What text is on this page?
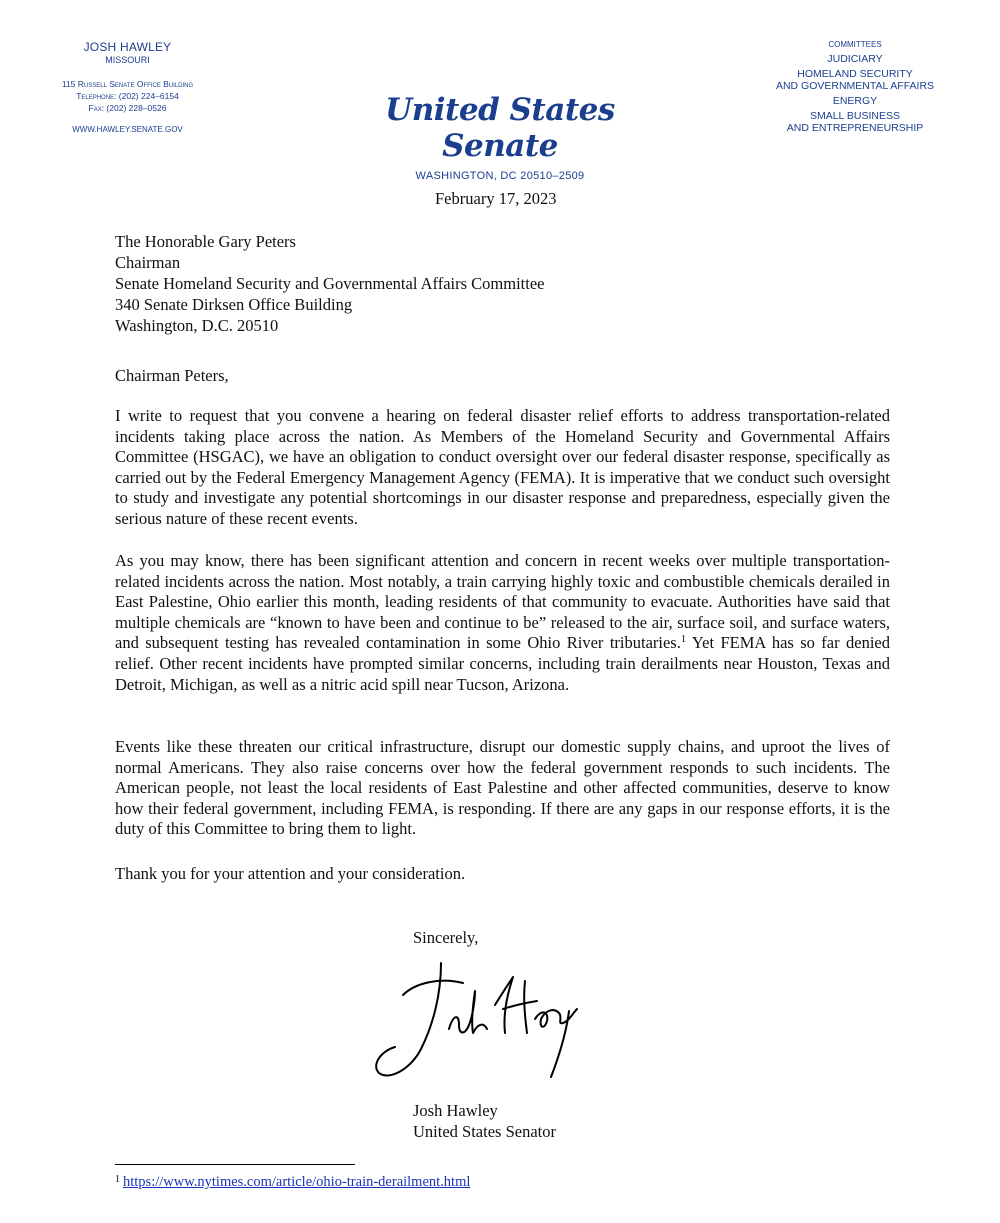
JOSH HAWLEY
MISSOURI
115 Russell Senate Office Building
Telephone: (202) 224–6154
Fax: (202) 228–0526
WWW.HAWLEY.SENATE.GOV
United States Senate
WASHINGTON, DC 20510–2509
COMMITTEES
JUDICIARY
HOMELAND SECURITY
AND GOVERNMENTAL AFFAIRS
ENERGY
SMALL BUSINESS
AND ENTREPRENEURSHIP
February 17, 2023
The Honorable Gary Peters
Chairman
Senate Homeland Security and Governmental Affairs Committee
340 Senate Dirksen Office Building
Washington, D.C. 20510
Chairman Peters,
I write to request that you convene a hearing on federal disaster relief efforts to address transportation-related incidents taking place across the nation. As Members of the Homeland Security and Governmental Affairs Committee (HSGAC), we have an obligation to conduct oversight over our federal disaster response, specifically as carried out by the Federal Emergency Management Agency (FEMA). It is imperative that we conduct such oversight to study and investigate any potential shortcomings in our disaster response and preparedness, especially given the serious nature of these recent events.
As you may know, there has been significant attention and concern in recent weeks over multiple transportation-related incidents across the nation. Most notably, a train carrying highly toxic and combustible chemicals derailed in East Palestine, Ohio earlier this month, leading residents of that community to evacuate. Authorities have said that multiple chemicals are “known to have been and continue to be” released to the air, surface soil, and surface waters, and subsequent testing has revealed contamination in some Ohio River tributaries.$^1$ Yet FEMA has so far denied relief. Other recent incidents have prompted similar concerns, including train derailments near Houston, Texas and Detroit, Michigan, as well as a nitric acid spill near Tucson, Arizona.
Events like these threaten our critical infrastructure, disrupt our domestic supply chains, and uproot the lives of normal Americans. They also raise concerns over how the federal government responds to such incidents. The American people, not least the local residents of East Palestine and other affected communities, deserve to know how their federal government, including FEMA, is responding. If there are any gaps in our response efforts, it is the duty of this Committee to bring them to light.
Thank you for your attention and your consideration.
Sincerely,
Josh Hawley
United States Senator
$^1$ https://www.nytimes.com/article/ohio-train-derailment.html
